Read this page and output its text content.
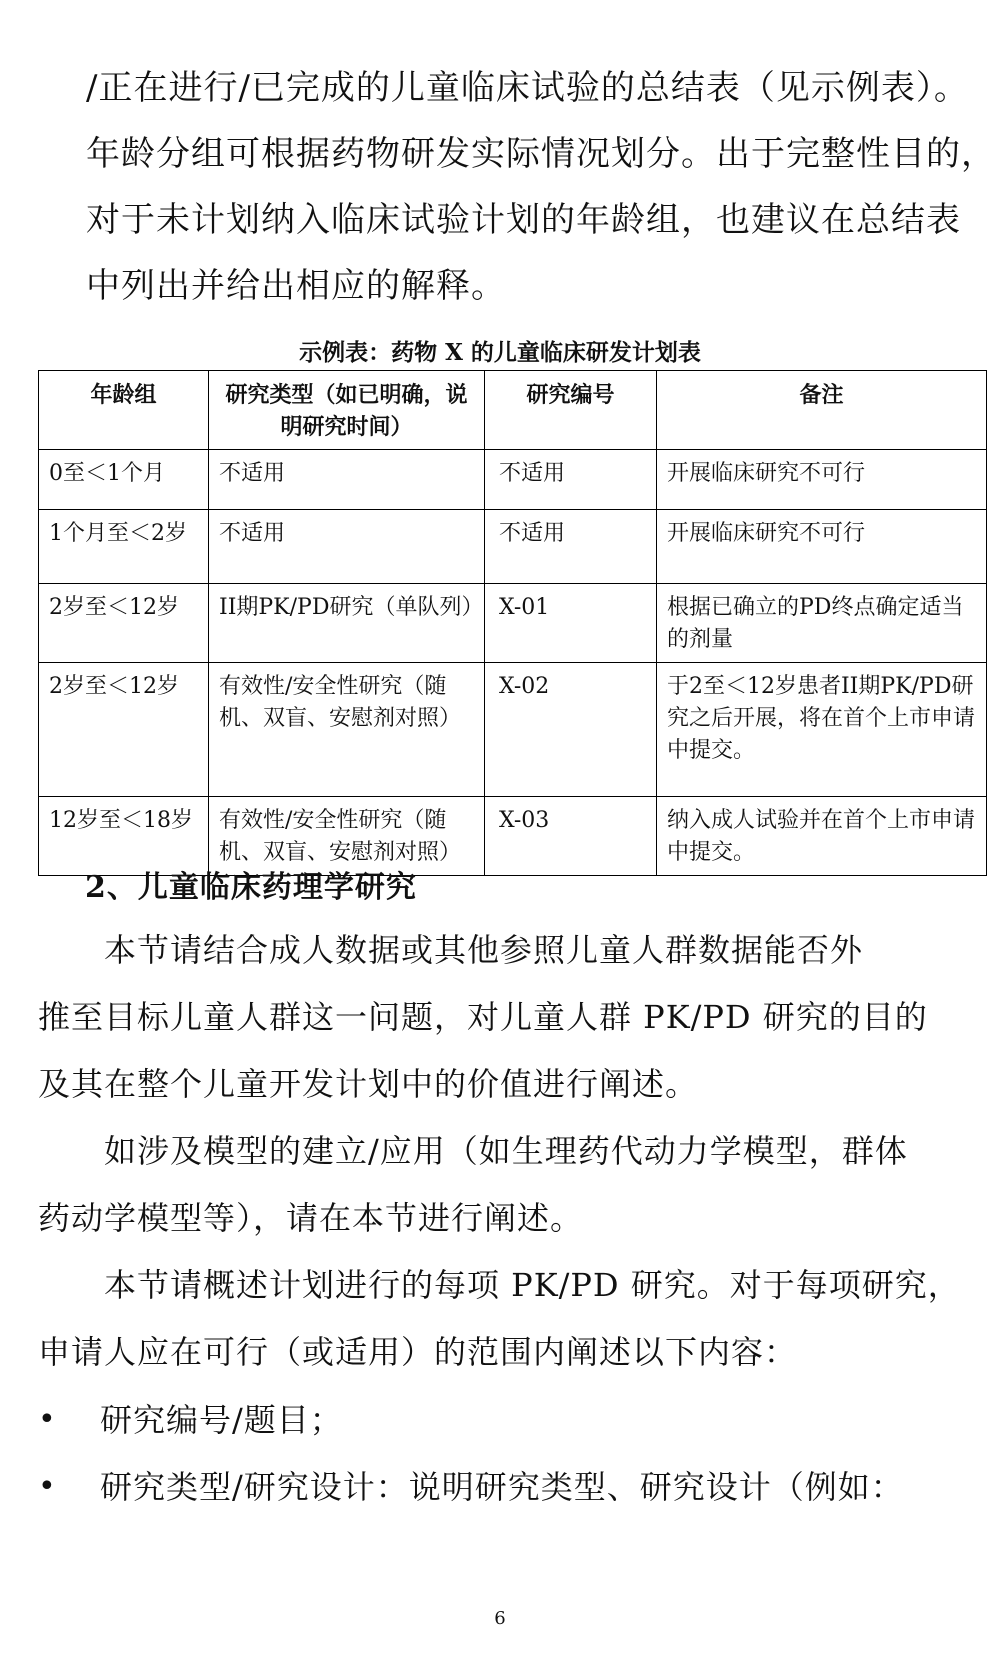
/正在进行/已完成的儿童临床试验的总结表（见示例表）。
年龄分组可根据药物研发实际情况划分。出于完整性目的，
对于未计划纳入临床试验计划的年龄组，也建议在总结表
中列出并给出相应的解释。
示例表：药物 X 的儿童临床研发计划表
年龄组	研究类型（如已明确，说明研究时间）	研究编号	备注
0至＜1个月	不适用	不适用	开展临床研究不可行
1个月至＜2岁	不适用	不适用	开展临床研究不可行
2岁至＜12岁	II期PK/PD研究（单队列）	X-01	根据已确立的PD终点确定适当的剂量
2岁至＜12岁	有效性/安全性研究（随机、双盲、安慰剂对照）	X-02	于2至＜12岁患者II期PK/PD研究之后开展，将在首个上市申请中提交。
12岁至＜18岁	有效性/安全性研究（随机、双盲、安慰剂对照）	X-03	纳入成人试验并在首个上市申请中提交。
2、儿童临床药理学研究
本节请结合成人数据或其他参照儿童人群数据能否外
推至目标儿童人群这一问题，对儿童人群 PK/PD 研究的目的
及其在整个儿童开发计划中的价值进行阐述。
如涉及模型的建立/应用（如生理药代动力学模型，群体
药动学模型等），请在本节进行阐述。
本节请概述计划进行的每项 PK/PD 研究。对于每项研究，
申请人应在可行（或适用）的范围内阐述以下内容：
• 研究编号/题目；
• 研究类型/研究设计：说明研究类型、研究设计（例如：
6
